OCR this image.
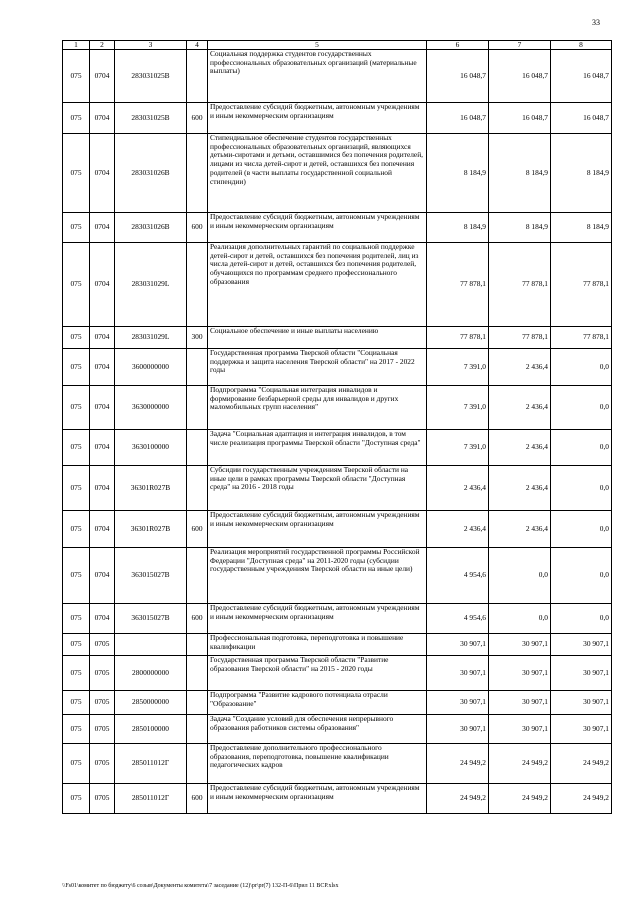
33
1	2	3	4	5	6	7	8
075	0704	283031025В		Социальная поддержка студентов государственных профессиональных образовательных организаций (материальные выплаты)	16 048,7	16 048,7	16 048,7
075	0704	283031025В	600	Предоставление субсидий бюджетным, автономным учреждениям и иным некоммерческим организациям	16 048,7	16 048,7	16 048,7
075	0704	283031026В		Стипендиальное обеспечение студентов государственных профессиональных образовательных организаций, являющихся детьми-сиротами и детьми, оставшимися без попечения родителей, лицами из числа детей-сирот и детей, оставшихся без попечения родителей (в части выплаты государственной социальной стипендии)	8 184,9	8 184,9	8 184,9
075	0704	283031026В	600	Предоставление субсидий бюджетным, автономным учреждениям и иным некоммерческим организациям	8 184,9	8 184,9	8 184,9
075	0704	283031029L		Реализация дополнительных гарантий по социальной поддержке детей-сирот и детей, оставшихся без попечения родителей, лиц из числа детей-сирот и детей, оставшихся без попечения родителей, обучающихся по программам среднего профессионального образования	77 878,1	77 878,1	77 878,1
075	0704	283031029L	300	Социальное обеспечение и иные выплаты населению	77 878,1	77 878,1	77 878,1
075	0704	3600000000		Государственная программа Тверской области "Социальная поддержка и защита населения Тверской области" на 2017 - 2022 годы	7 391,0	2 436,4	0,0
075	0704	3630000000		Подпрограмма "Социальная интеграция инвалидов и формирование безбарьерной среды для инвалидов и других маломобильных групп населения"	7 391,0	2 436,4	0,0
075	0704	3630100000		Задача "Социальная адаптация и интеграция инвалидов, в том числе реализация программы Тверской области "Доступная среда"	7 391,0	2 436,4	0,0
075	0704	36301R027В		Субсидии государственным учреждениям Тверской области на иные цели в рамках программы Тверской области "Доступная среда" на 2016 - 2018 годы	2 436,4	2 436,4	0,0
075	0704	36301R027В	600	Предоставление субсидий бюджетным, автономным учреждениям и иным некоммерческим организациям	2 436,4	2 436,4	0,0
075	0704	363015027В		Реализация мероприятий государственной программы Российской Федерации "Доступная среда" на 2011-2020 годы (субсидии государственным учреждениям Тверской области на иные цели)	4 954,6	0,0	0,0
075	0704	363015027В	600	Предоставление субсидий бюджетным, автономным учреждениям и иным некоммерческим организациям	4 954,6	0,0	0,0
075	0705			Профессиональная подготовка, переподготовка и повышение квалификации	30 907,1	30 907,1	30 907,1
075	0705	2800000000		Государственная программа Тверской области "Развитие образования Тверской области" на 2015 - 2020 годы	30 907,1	30 907,1	30 907,1
075	0705	2850000000		Подпрограмма "Развитие кадрового потенциала отрасли "Образование"	30 907,1	30 907,1	30 907,1
075	0705	2850100000		Задача "Создание условий для обеспечения непрерывного образования работников системы образования"	30 907,1	30 907,1	30 907,1
075	0705	285011012Г		Предоставление дополнительного профессионального образования, переподготовка, повышение квалификации педагогических кадров	24 949,2	24 949,2	24 949,2
075	0705	285011012Г	600	Предоставление субсидий бюджетным, автономным учреждениям и иным некоммерческим организациям	24 949,2	24 949,2	24 949,2
\\Fs01\комитет по бюджету\6 созыв\Документы комитета\7 заседание (12)\pr\pr(7) 132-П-6\Прил 11 ВСР.xlsx
